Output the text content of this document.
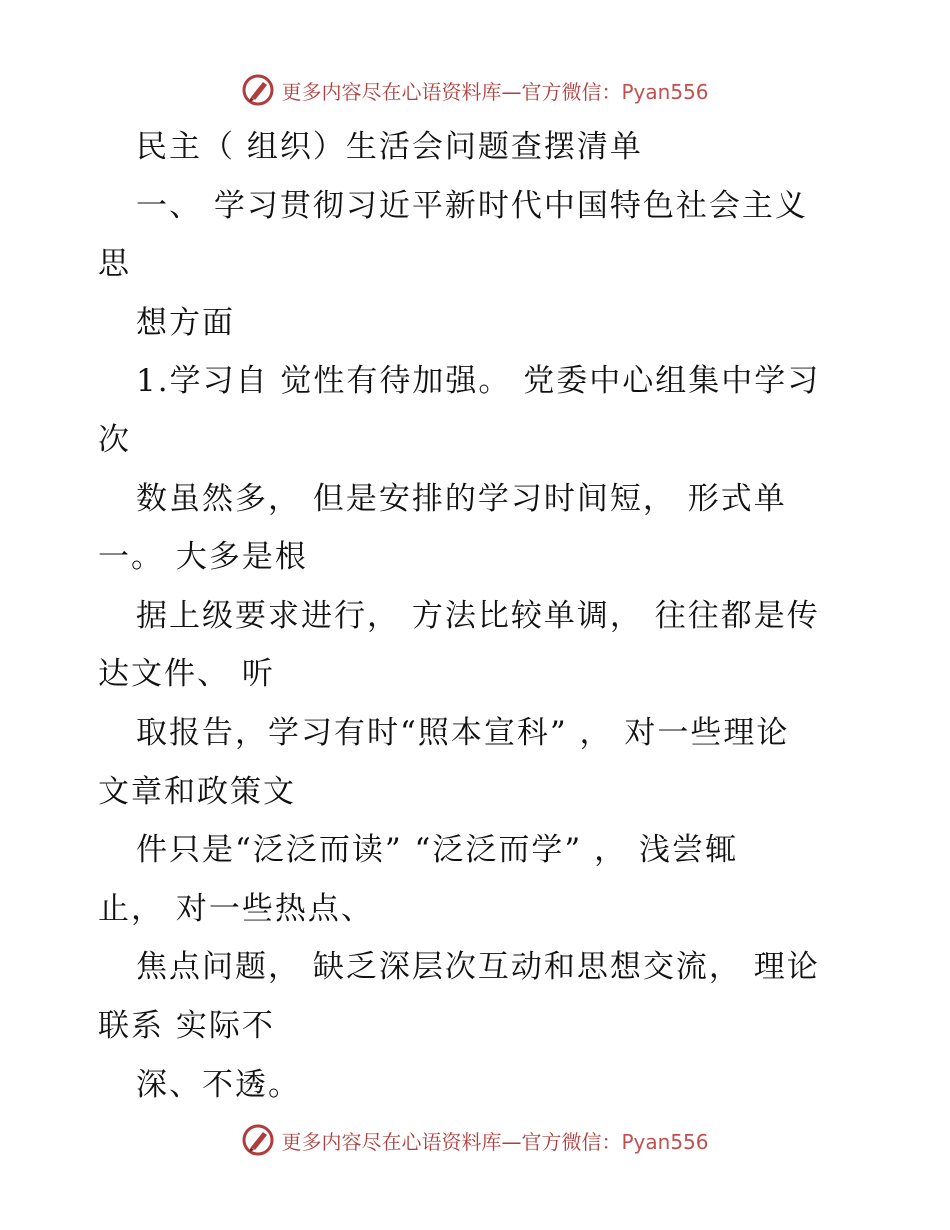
更多内容尽在心语资料库—官方微信：Pyan556
民主（ 组织）生活会问题查摆清单
一、 学习贯彻习近平新时代中国特色社会主义
思
想方面
1.学习自 觉性有待加强。 党委中心组集中学习
次
数虽然多， 但是安排的学习时间短， 形式单
一。 大多是根
据上级要求进行， 方法比较单调， 往往都是传
达文件、 听
取报告，学习有时“照本宣科” ， 对一些理论
文章和政策文
件只是“泛泛而读” “泛泛而学” ， 浅尝辄
止， 对一些热点、
焦点问题， 缺乏深层次互动和思想交流， 理论
联系 实际不
深、不透。
更多内容尽在心语资料库—官方微信：Pyan556
